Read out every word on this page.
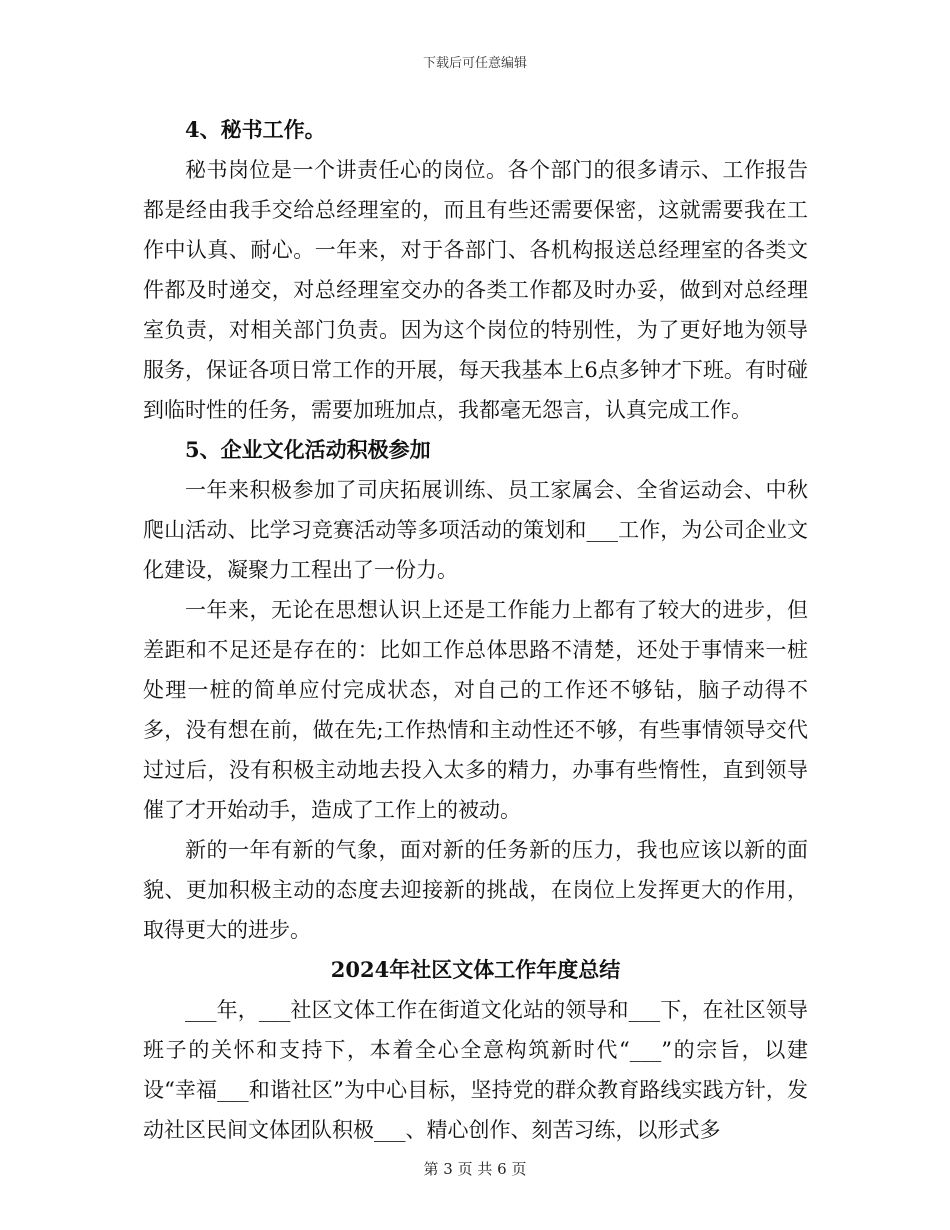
下载后可任意编辑

4、秘书工作。

秘书岗位是一个讲责任心的岗位。各个部门的很多请示、工作报告都是经由我手交给总经理室的，而且有些还需要保密，这就需要我在工作中认真、耐心。一年来，对于各部门、各机构报送总经理室的各类文件都及时递交，对总经理室交办的各类工作都及时办妥，做到对总经理室负责，对相关部门负责。因为这个岗位的特别性，为了更好地为领导服务，保证各项日常工作的开展，每天我基本上6点多钟才下班。有时碰到临时性的任务，需要加班加点，我都毫无怨言，认真完成工作。

5、企业文化活动积极参加

一年来积极参加了司庆拓展训练、员工家属会、全省运动会、中秋爬山活动、比学习竞赛活动等多项活动的策划和___工作，为公司企业文化建设，凝聚力工程出了一份力。

一年来，无论在思想认识上还是工作能力上都有了较大的进步，但差距和不足还是存在的：比如工作总体思路不清楚，还处于事情来一桩处理一桩的简单应付完成状态，对自己的工作还不够钻，脑子动得不多，没有想在前，做在先;工作热情和主动性还不够，有些事情领导交代过过后，没有积极主动地去投入太多的精力，办事有些惰性，直到领导催了才开始动手，造成了工作上的被动。

新的一年有新的气象，面对新的任务新的压力，我也应该以新的面貌、更加积极主动的态度去迎接新的挑战，在岗位上发挥更大的作用，取得更大的进步。

2024年社区文体工作年度总结

___年，___社区文体工作在街道文化站的领导和___下，在社区领导班子的关怀和支持下，本着全心全意构筑新时代“___”的宗旨，以建设“幸福___和谐社区”为中心目标，坚持党的群众教育路线实践方针，发动社区民间文体团队积极___、精心创作、刻苦习练，以形式多

第 3 页 共 6 页
